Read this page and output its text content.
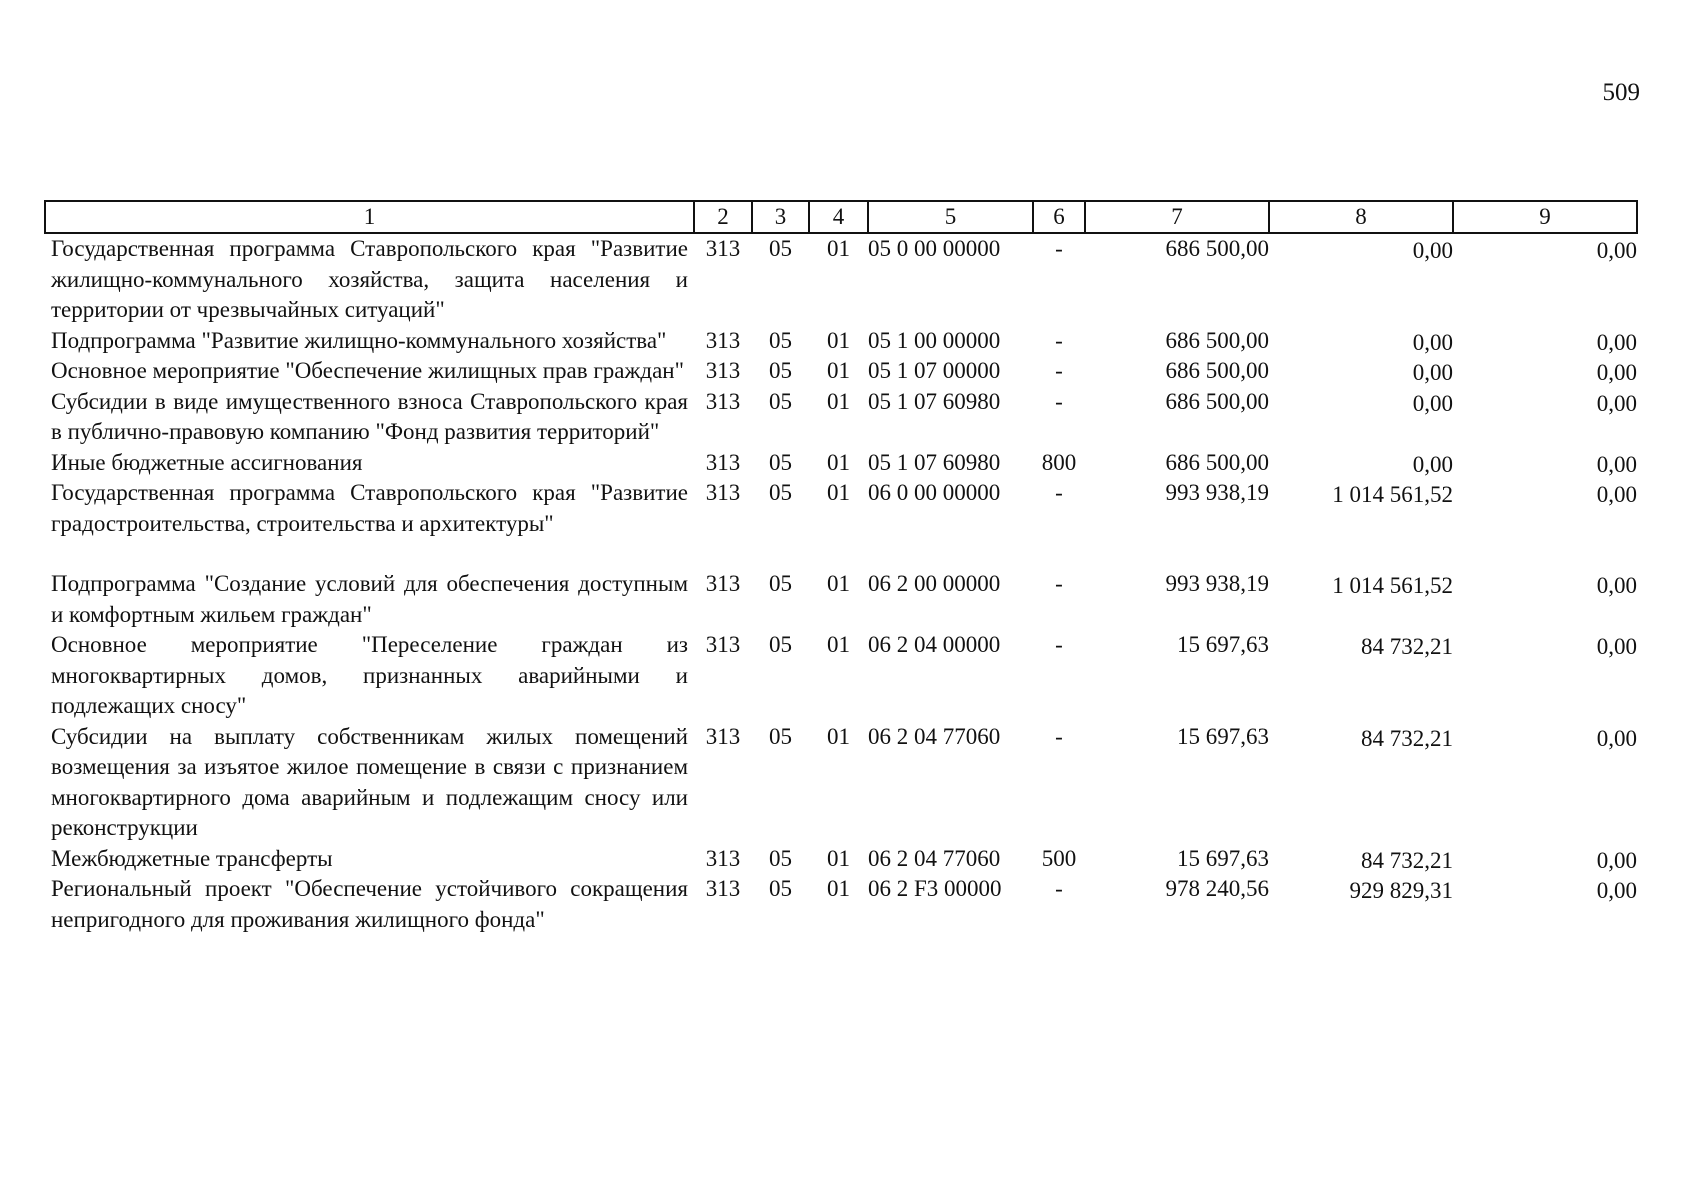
509
1	2	3	4	5	6	7	8	9
Государственная программа Ставропольского края "Развитие жилищно-коммунального хозяйства, защита населения и территории от чрезвычайных ситуаций"	313	05	01	05 0 00 00000	-	686 500,00	0,00	0,00
Подпрограмма "Развитие жилищно-коммунального хозяйства"	313	05	01	05 1 00 00000	-	686 500,00	0,00	0,00
Основное мероприятие "Обеспечение жилищных прав граждан"	313	05	01	05 1 07 00000	-	686 500,00	0,00	0,00
Субсидии в виде имущественного взноса Ставропольского края в публично-правовую компанию "Фонд развития территорий"	313	05	01	05 1 07 60980	-	686 500,00	0,00	0,00
Иные бюджетные ассигнования	313	05	01	05 1 07 60980	800	686 500,00	0,00	0,00
Государственная программа Ставропольского края "Развитие градостроительства, строительства и архитектуры"	313	05	01	06 0 00 00000	-	993 938,19	1 014 561,52	0,00

Подпрограмма "Создание условий для обеспечения доступным и комфортным жильем граждан"	313	05	01	06 2 00 00000	-	993 938,19	1 014 561,52	0,00
Основное мероприятие "Переселение граждан из многоквартирных домов, признанных аварийными и подлежащих сносу"	313	05	01	06 2 04 00000	-	15 697,63	84 732,21	0,00
Субсидии на выплату собственникам жилых помещений возмещения за изъятое жилое помещение в связи с признанием многоквартирного дома аварийным и подлежащим сносу или реконструкции	313	05	01	06 2 04 77060	-	15 697,63	84 732,21	0,00
Межбюджетные трансферты	313	05	01	06 2 04 77060	500	15 697,63	84 732,21	0,00
Региональный проект "Обеспечение устойчивого сокращения непригодного для проживания жилищного фонда"	313	05	01	06 2 F3 00000	-	978 240,56	929 829,31	0,00
